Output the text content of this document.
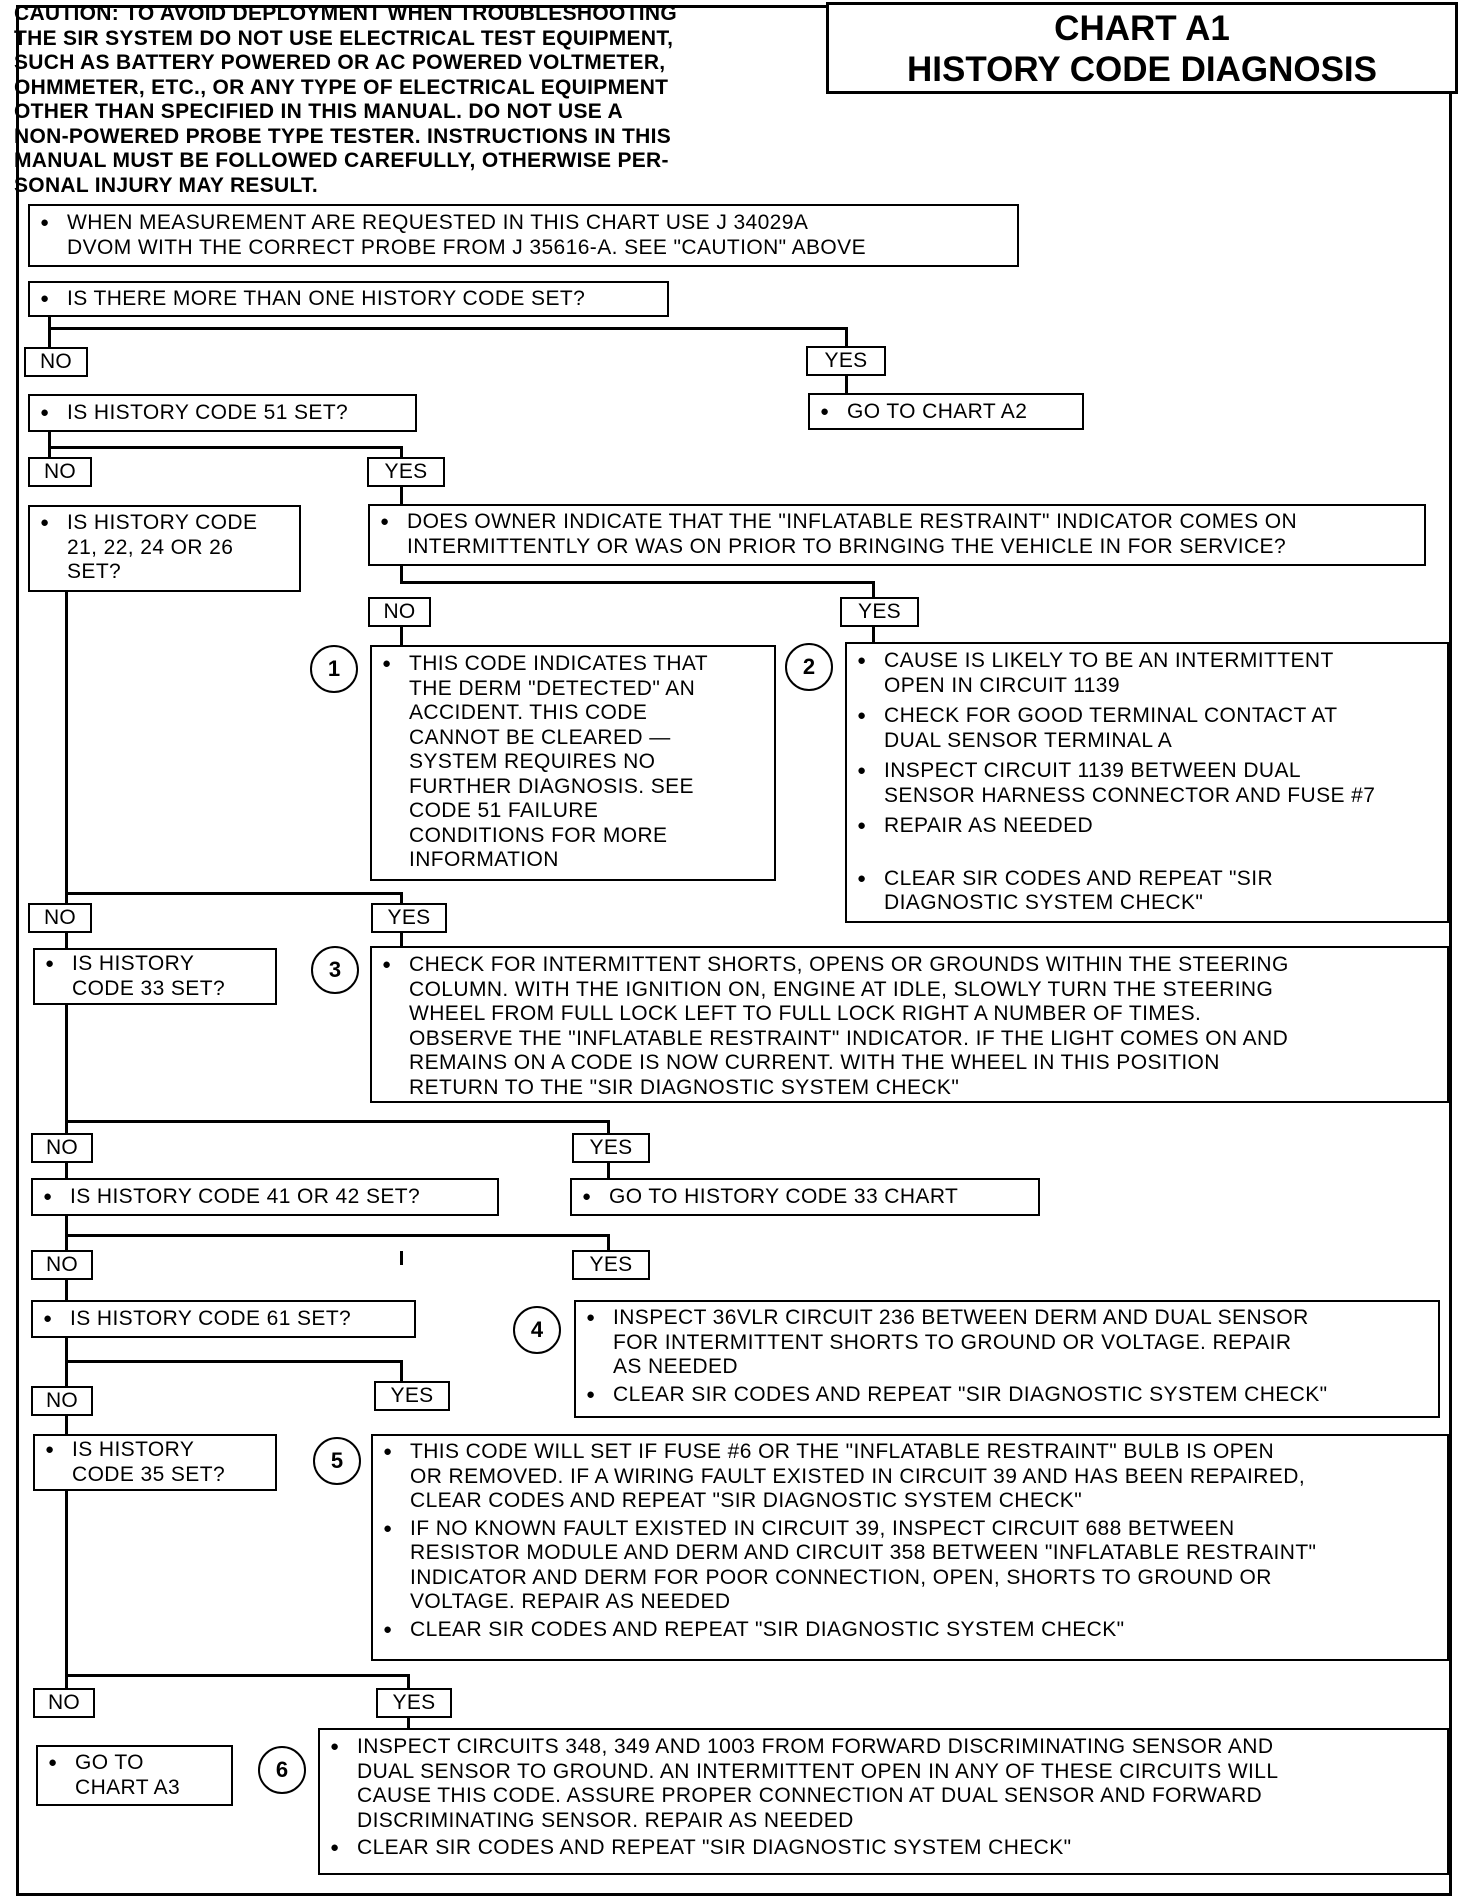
CAUTION: TO AVOID DEPLOYMENT WHEN TROUBLESHOOTING
THE SIR SYSTEM DO NOT USE ELECTRICAL TEST EQUIPMENT,
SUCH AS BATTERY POWERED OR AC POWERED VOLTMETER,
OHMMETER, ETC., OR ANY TYPE OF ELECTRICAL EQUIPMENT
OTHER THAN SPECIFIED IN THIS MANUAL. DO NOT USE A
NON-POWERED PROBE TYPE TESTER. INSTRUCTIONS IN THIS
MANUAL MUST BE FOLLOWED CAREFULLY, OTHERWISE PER-
SONAL INJURY MAY RESULT.
CHART A1
HISTORY CODE DIAGNOSIS
● WHEN MEASUREMENT ARE REQUESTED IN THIS CHART USE J 34029A
DVOM WITH THE CORRECT PROBE FROM J 35616-A. SEE "CAUTION" ABOVE
● IS THERE MORE THAN ONE HISTORY CODE SET?
NO	YES
● GO TO CHART A2
● IS HISTORY CODE 51 SET?
NO	YES
● IS HISTORY CODE
21, 22, 24 OR 26
SET?
● DOES OWNER INDICATE THAT THE "INFLATABLE RESTRAINT" INDICATOR COMES ON
INTERMITTENTLY OR WAS ON PRIOR TO BRINGING THE VEHICLE IN FOR SERVICE?
NO	YES
1	● THIS CODE INDICATES THAT
THE DERM "DETECTED" AN
ACCIDENT. THIS CODE
CANNOT BE CLEARED —
SYSTEM REQUIRES NO
FURTHER DIAGNOSIS. SEE
CODE 51 FAILURE
CONDITIONS FOR MORE
INFORMATION
2	● CAUSE IS LIKELY TO BE AN INTERMITTENT
OPEN IN CIRCUIT 1139
● CHECK FOR GOOD TERMINAL CONTACT AT
DUAL SENSOR TERMINAL A
● INSPECT CIRCUIT 1139 BETWEEN DUAL
SENSOR HARNESS CONNECTOR AND FUSE #7
● REPAIR AS NEEDED
● CLEAR SIR CODES AND REPEAT "SIR
DIAGNOSTIC SYSTEM CHECK"
NO	YES
● IS HISTORY
CODE 33 SET?
3	● CHECK FOR INTERMITTENT SHORTS, OPENS OR GROUNDS WITHIN THE STEERING
COLUMN. WITH THE IGNITION ON, ENGINE AT IDLE, SLOWLY TURN THE STEERING
WHEEL FROM FULL LOCK LEFT TO FULL LOCK RIGHT A NUMBER OF TIMES.
OBSERVE THE "INFLATABLE RESTRAINT" INDICATOR. IF THE LIGHT COMES ON AND
REMAINS ON A CODE IS NOW CURRENT. WITH THE WHEEL IN THIS POSITION
RETURN TO THE "SIR DIAGNOSTIC SYSTEM CHECK"
NO	YES
● IS HISTORY CODE 41 OR 42 SET?	● GO TO HISTORY CODE 33 CHART
NO	YES
● IS HISTORY CODE 61 SET?	4	● INSPECT 36VLR CIRCUIT 236 BETWEEN DERM AND DUAL SENSOR
FOR INTERMITTENT SHORTS TO GROUND OR VOLTAGE. REPAIR
AS NEEDED
● CLEAR SIR CODES AND REPEAT "SIR DIAGNOSTIC SYSTEM CHECK"
NO	YES
● IS HISTORY
CODE 35 SET?
5	● THIS CODE WILL SET IF FUSE #6 OR THE "INFLATABLE RESTRAINT" BULB IS OPEN
OR REMOVED. IF A WIRING FAULT EXISTED IN CIRCUIT 39 AND HAS BEEN REPAIRED,
CLEAR CODES AND REPEAT "SIR DIAGNOSTIC SYSTEM CHECK"
● IF NO KNOWN FAULT EXISTED IN CIRCUIT 39, INSPECT CIRCUIT 688 BETWEEN
RESISTOR MODULE AND DERM AND CIRCUIT 358 BETWEEN "INFLATABLE RESTRAINT"
INDICATOR AND DERM FOR POOR CONNECTION, OPEN, SHORTS TO GROUND OR
VOLTAGE. REPAIR AS NEEDED
● CLEAR SIR CODES AND REPEAT "SIR DIAGNOSTIC SYSTEM CHECK"
NO	YES
● GO TO
CHART A3
6
● INSPECT CIRCUITS 348, 349 AND 1003 FROM FORWARD DISCRIMINATING SENSOR AND
DUAL SENSOR TO GROUND. AN INTERMITTENT OPEN IN ANY OF THESE CIRCUITS WILL
CAUSE THIS CODE. ASSURE PROPER CONNECTION AT DUAL SENSOR AND FORWARD
DISCRIMINATING SENSOR. REPAIR AS NEEDED
● CLEAR SIR CODES AND REPEAT "SIR DIAGNOSTIC SYSTEM CHECK"
